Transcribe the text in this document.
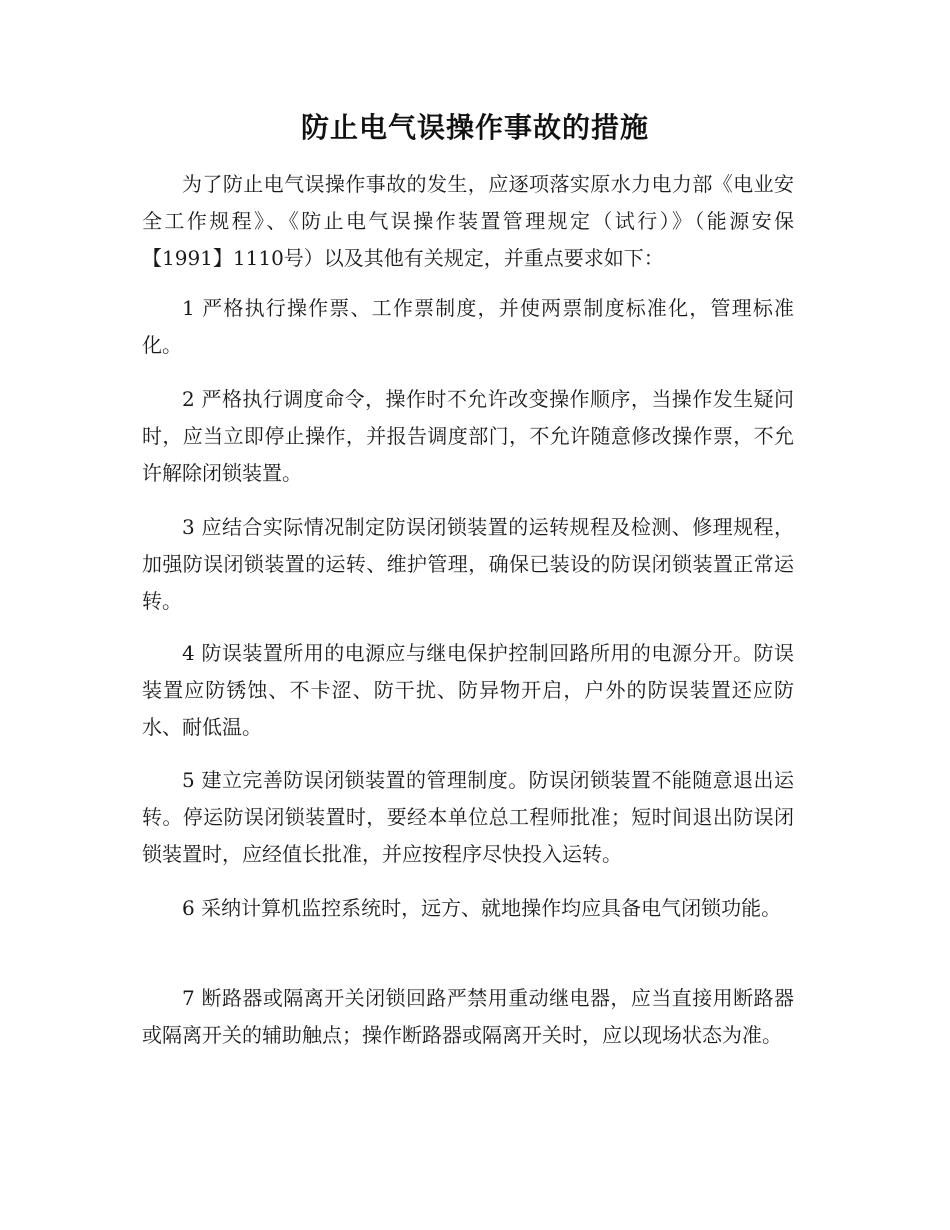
防止电气误操作事故的措施

为了防止电气误操作事故的发生，应逐项落实原水力电力部《电业安全工作规程》、《防止电气误操作装置管理规定（试行）》（能源安保【1991】1110号）以及其他有关规定，并重点要求如下：

1 严格执行操作票、工作票制度，并使两票制度标准化，管理标准化。

2 严格执行调度命令，操作时不允许改变操作顺序，当操作发生疑问时，应当立即停止操作，并报告调度部门，不允许随意修改操作票，不允许解除闭锁装置。

3 应结合实际情况制定防误闭锁装置的运转规程及检测、修理规程，加强防误闭锁装置的运转、维护管理，确保已装设的防误闭锁装置正常运转。

4 防误装置所用的电源应与继电保护控制回路所用的电源分开。防误装置应防锈蚀、不卡涩、防干扰、防异物开启，户外的防误装置还应防水、耐低温。

5 建立完善防误闭锁装置的管理制度。防误闭锁装置不能随意退出运转。停运防误闭锁装置时，要经本单位总工程师批准；短时间退出防误闭锁装置时，应经值长批准，并应按程序尽快投入运转。

6 采纳计算机监控系统时，远方、就地操作均应具备电气闭锁功能。

7 断路器或隔离开关闭锁回路严禁用重动继电器，应当直接用断路器或隔离开关的辅助触点；操作断路器或隔离开关时，应以现场状态为准。
